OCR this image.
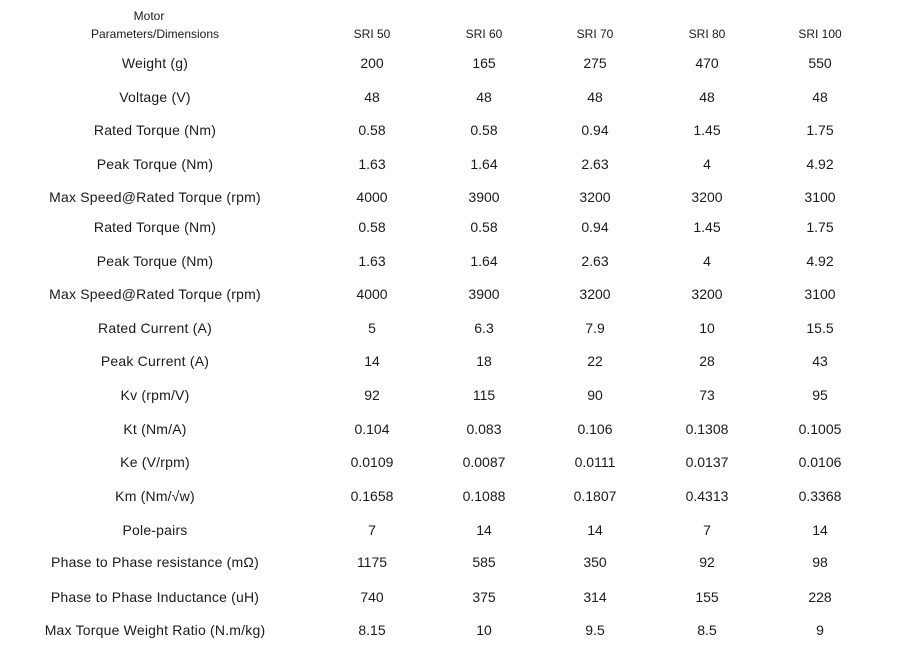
Motor
Parameters/Dimensions	SRI 50	SRI 60	SRI 70	SRI 80	SRI 100
Weight (g)	200	165	275	470	550
Voltage (V)	48	48	48	48	48
Rated Torque (Nm)	0.58	0.58	0.94	1.45	1.75
Peak Torque (Nm)	1.63	1.64	2.63	4	4.92
Max Speed@Rated Torque (rpm)	4000	3900	3200	3200	3100
Rated Torque (Nm)	0.58	0.58	0.94	1.45	1.75
Peak Torque (Nm)	1.63	1.64	2.63	4	4.92
Max Speed@Rated Torque (rpm)	4000	3900	3200	3200	3100
Rated Current (A)	5	6.3	7.9	10	15.5
Peak Current (A)	14	18	22	28	43
Kv (rpm/V)	92	115	90	73	95
Kt (Nm/A)	0.104	0.083	0.106	0.1308	0.1005
Ke (V/rpm)	0.0109	0.0087	0.0111	0.0137	0.0106
Km (Nm/√w)	0.1658	0.1088	0.1807	0.4313	0.3368
Pole-pairs	7	14	14	7	14
Phase to Phase resistance (mΩ)	1175	585	350	92	98
Phase to Phase Inductance (uH)	740	375	314	155	228
Max Torque Weight Ratio (N.m/kg)	8.15	10	9.5	8.5	9
